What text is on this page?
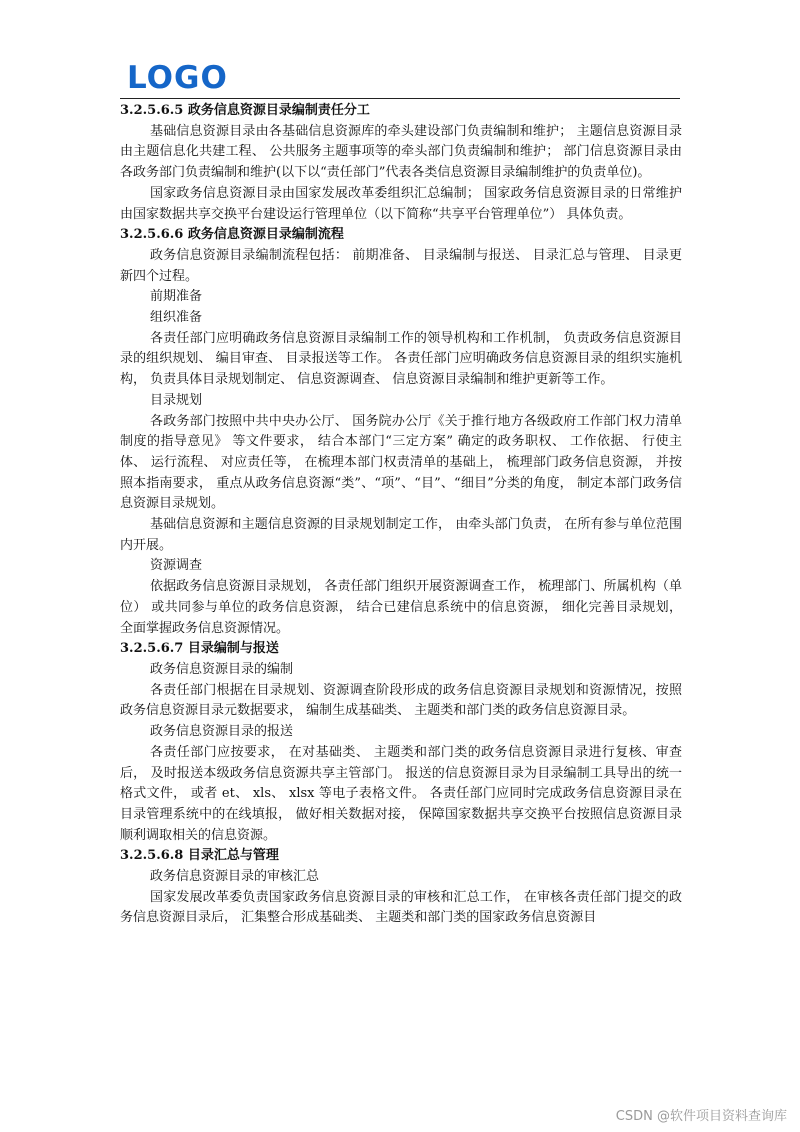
LOGO

3.2.5.6.5 政务信息资源目录编制责任分工

基础信息资源目录由各基础信息资源库的牵头建设部门负责编制和维护； 主题信息资源目录由主题信息化共建工程、 公共服务主题事项等的牵头部门负责编制和维护； 部门信息资源目录由各政务部门负责编制和维护(以下以“责任部门”代表各类信息资源目录编制维护的负责单位)。

国家政务信息资源目录由国家发展改革委组织汇总编制； 国家政务信息资源目录的日常维护由国家数据共享交换平台建设运行管理单位（以下简称“共享平台管理单位”） 具体负责。

3.2.5.6.6 政务信息资源目录编制流程

政务信息资源目录编制流程包括： 前期准备、 目录编制与报送、 目录汇总与管理、 目录更新四个过程。

前期准备

组织准备

各责任部门应明确政务信息资源目录编制工作的领导机构和工作机制， 负责政务信息资源目录的组织规划、 编目审查、 目录报送等工作。 各责任部门应明确政务信息资源目录的组织实施机构， 负责具体目录规划制定、 信息资源调查、 信息资源目录编制和维护更新等工作。

目录规划

各政务部门按照中共中央办公厅、 国务院办公厅《关于推行地方各级政府工作部门权力清单制度的指导意见》 等文件要求， 结合本部门“三定方案” 确定的政务职权、 工作依据、 行使主体、 运行流程、 对应责任等， 在梳理本部门权责清单的基础上， 梳理部门政务信息资源， 并按照本指南要求， 重点从政务信息资源“类”、“项”、“目”、“细目”分类的角度， 制定本部门政务信息资源目录规划。

基础信息资源和主题信息资源的目录规划制定工作， 由牵头部门负责， 在所有参与单位范围内开展。

资源调查

依据政务信息资源目录规划， 各责任部门组织开展资源调查工作， 梳理部门、所属机构（单位） 或共同参与单位的政务信息资源， 结合已建信息系统中的信息资源， 细化完善目录规划， 全面掌握政务信息资源情况。

3.2.5.6.7 目录编制与报送

政务信息资源目录的编制

各责任部门根据在目录规划、资源调查阶段形成的政务信息资源目录规划和资源情况，按照政务信息资源目录元数据要求， 编制生成基础类、 主题类和部门类的政务信息资源目录。

政务信息资源目录的报送

各责任部门应按要求， 在对基础类、 主题类和部门类的政务信息资源目录进行复核、审查后， 及时报送本级政务信息资源共享主管部门。 报送的信息资源目录为目录编制工具导出的统一格式文件， 或者 et、 xls、 xlsx 等电子表格文件。 各责任部门应同时完成政务信息资源目录在目录管理系统中的在线填报， 做好相关数据对接， 保障国家数据共享交换平台按照信息资源目录顺利调取相关的信息资源。

3.2.5.6.8 目录汇总与管理

政务信息资源目录的审核汇总

国家发展改革委负责国家政务信息资源目录的审核和汇总工作， 在审核各责任部门提交的政务信息资源目录后， 汇集整合形成基础类、 主题类和部门类的国家政务信息资源目

CSDN @软件项目资料查询库
